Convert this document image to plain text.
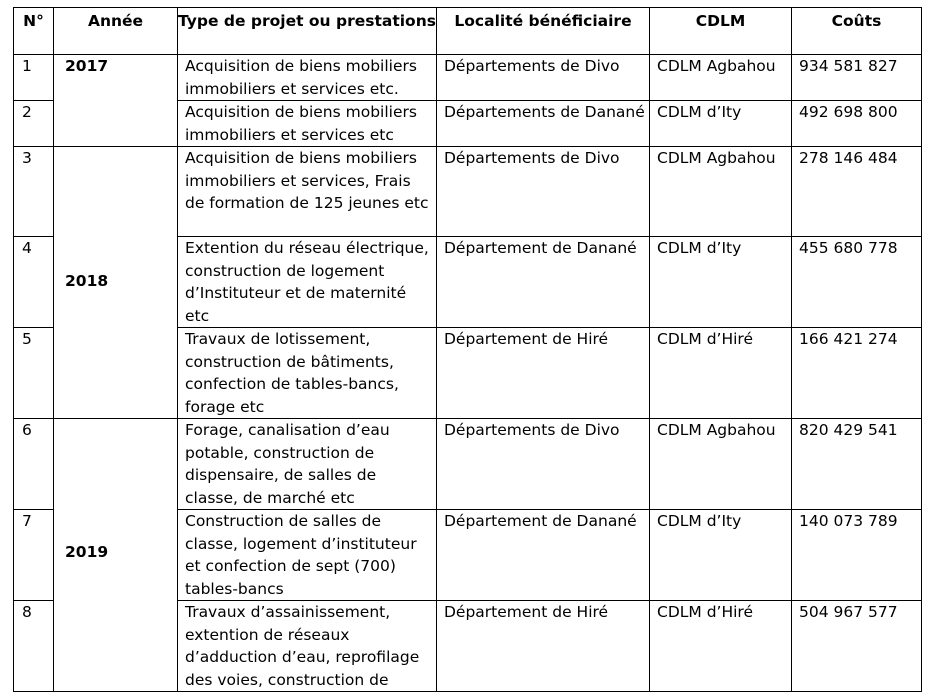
N°	Année	Type de projet ou prestations	Localité bénéficiaire	CDLM	Coûts
1	2017	Acquisition de biens mobiliers immobiliers et services etc.	Départements de Divo	CDLM Agbahou	934 581 827
2		Acquisition de biens mobiliers immobiliers et services etc	Départements de Danané	CDLM d’Ity	492 698 800
3	2018	Acquisition de biens mobiliers immobiliers et services, Frais de formation de 125 jeunes etc	Départements de Divo	CDLM Agbahou	278 146 484
4		Extention du réseau électrique, construction de logement d’Instituteur et de maternité etc	Département de Danané	CDLM d’Ity	455 680 778
5		Travaux de lotissement, construction de bâtiments, confection de tables-bancs, forage etc	Département de Hiré	CDLM d’Hiré	166 421 274
6	2019	Forage, canalisation d’eau potable, construction de dispensaire, de salles de classe, de marché etc	Départements de Divo	CDLM Agbahou	820 429 541
7		Construction de salles de classe, logement d’instituteur et confection de sept (700) tables-bancs	Département de Danané	CDLM d’Ity	140 073 789
8		Travaux d’assainissement, extention de réseaux d’adduction d’eau, reprofilage des voies, construction de	Département de Hiré	CDLM d’Hiré	504 967 577
